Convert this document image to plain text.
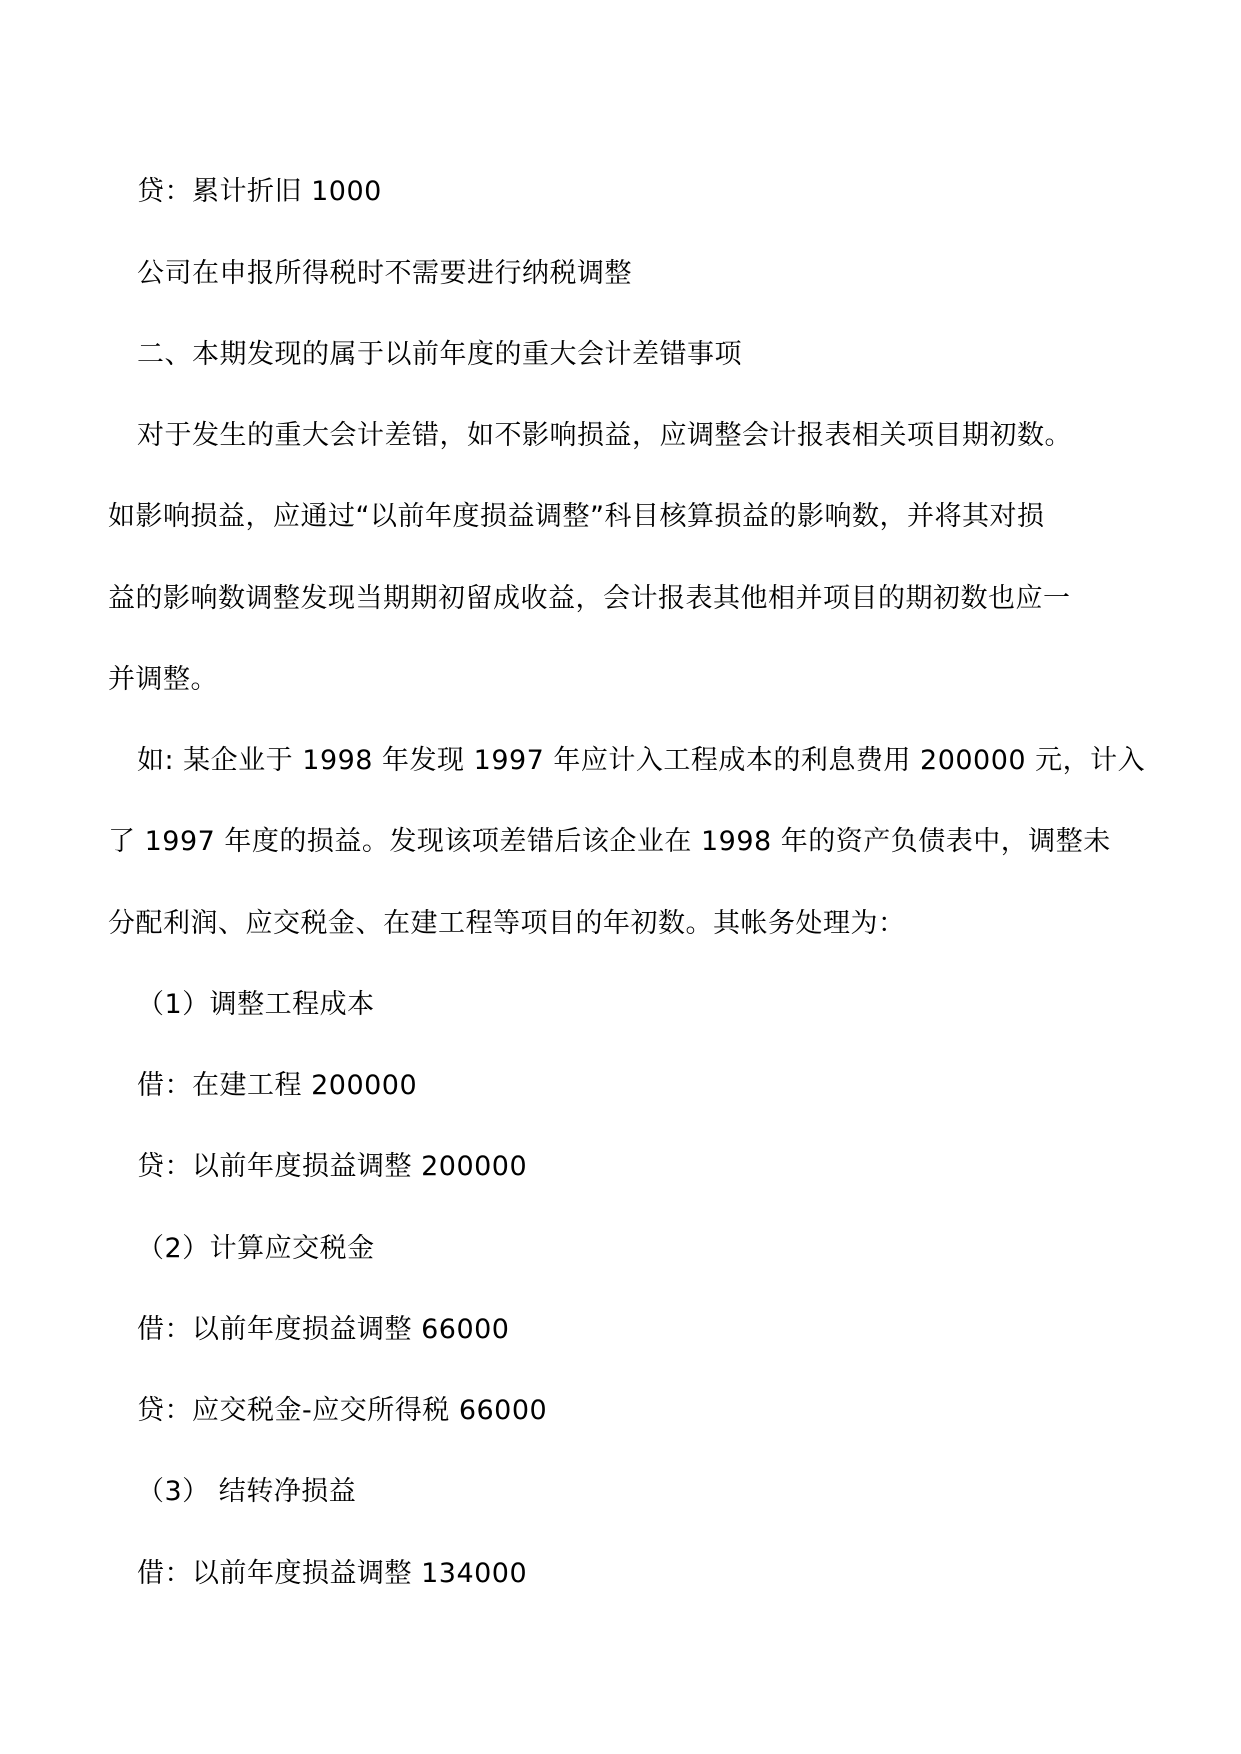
贷：累计折旧 1000
公司在申报所得税时不需要进行纳税调整
二、本期发现的属于以前年度的重大会计差错事项
对于发生的重大会计差错，如不影响损益，应调整会计报表相关项目期初数。
如影响损益，应通过“以前年度损益调整”科目核算损益的影响数，并将其对损
益的影响数调整发现当期期初留成收益，会计报表其他相并项目的期初数也应一
并调整。
如: 某企业于 1998 年发现 1997 年应计入工程成本的利息费用 200000 元，计入
了 1997 年度的损益。发现该项差错后该企业在 1998 年的资产负债表中，调整未
分配利润、应交税金、在建工程等项目的年初数。其帐务处理为：
（1）调整工程成本
借：在建工程 200000
贷：以前年度损益调整 200000
（2）计算应交税金
借：以前年度损益调整 66000
贷：应交税金-应交所得税 66000
（3） 结转净损益
借：以前年度损益调整 134000
